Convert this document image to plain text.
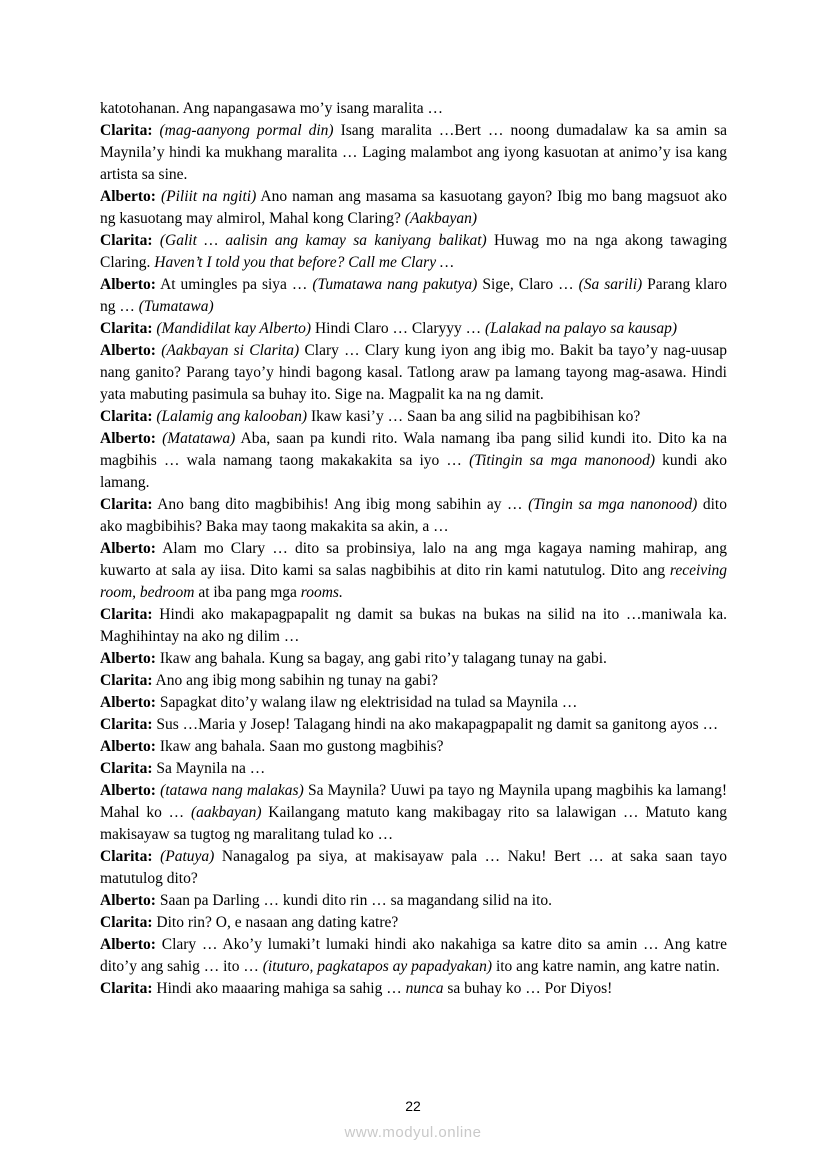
katotohanan. Ang napangasawa mo’y isang maralita …

Clarita: (mag-aanyong pormal din) Isang maralita …Bert … noong dumadalaw ka sa amin sa Maynila’y hindi ka mukhang maralita … Laging malambot ang iyong kasuotan at animo’y isa kang artista sa sine.

Alberto: (Piliit na ngiti) Ano naman ang masama sa kasuotang gayon? Ibig mo bang magsuot ako ng kasuotang may almirol, Mahal kong Claring? (Aakbayan)

Clarita: (Galit … aalisin ang kamay sa kaniyang balikat) Huwag mo na nga akong tawaging Claring. Haven’t I told you that before? Call me Clary …

Alberto: At umingles pa siya … (Tumatawa nang pakutya) Sige, Claro … (Sa sarili) Parang klaro ng … (Tumatawa)

Clarita: (Mandidilat kay Alberto) Hindi Claro … Claryyy … (Lalakad na palayo sa kausap)

Alberto: (Aakbayan si Clarita) Clary … Clary kung iyon ang ibig mo. Bakit ba tayo’y nag-uusap nang ganito? Parang tayo’y hindi bagong kasal. Tatlong araw pa lamang tayong mag-asawa. Hindi yata mabuting pasimula sa buhay ito. Sige na. Magpalit ka na ng damit.

Clarita: (Lalamig ang kalooban) Ikaw kasi’y … Saan ba ang silid na pagbibihisan ko?

Alberto: (Matatawa) Aba, saan pa kundi rito. Wala namang iba pang silid kundi ito. Dito ka na magbihis … wala namang taong makakakita sa iyo … (Titingin sa mga manonood) kundi ako lamang.

Clarita: Ano bang dito magbibihis! Ang ibig mong sabihin ay … (Tingin sa mga nanonood) dito ako magbibihis? Baka may taong makakita sa akin, a …

Alberto: Alam mo Clary … dito sa probinsiya, lalo na ang mga kagaya naming mahirap, ang kuwarto at sala ay iisa. Dito kami sa salas nagbibihis at dito rin kami natutulog. Dito ang receiving room, bedroom at iba pang mga rooms.

Clarita: Hindi ako makapagpapalit ng damit sa bukas na bukas na silid na ito …maniwala ka. Maghihintay na ako ng dilim …

Alberto: Ikaw ang bahala. Kung sa bagay, ang gabi rito’y talagang tunay na gabi.

Clarita: Ano ang ibig mong sabihin ng tunay na gabi?

Alberto: Sapagkat dito’y walang ilaw ng elektrisidad na tulad sa Maynila …

Clarita: Sus …Maria y Josep! Talagang hindi na ako makapagpapalit ng damit sa ganitong ayos …

Alberto: Ikaw ang bahala. Saan mo gustong magbihis?

Clarita: Sa Maynila na …

Alberto: (tatawa nang malakas) Sa Maynila? Uuwi pa tayo ng Maynila upang magbihis ka lamang! Mahal ko … (aakbayan) Kailangang matuto kang makibagay rito sa lalawigan … Matuto kang makisayaw sa tugtog ng maralitang tulad ko …

Clarita: (Patuya) Nanagalog pa siya, at makisayaw pala … Naku! Bert … at saka saan tayo matutulog dito?

Alberto: Saan pa Darling … kundi dito rin … sa magandang silid na ito.

Clarita: Dito rin? O, e nasaan ang dating katre?

Alberto: Clary … Ako’y lumaki’t lumaki hindi ako nakahiga sa katre dito sa amin … Ang katre dito’y ang sahig … ito … (ituturo, pagkatapos ay papadyakan) ito ang katre namin, ang katre natin.

Clarita: Hindi ako maaaring mahiga sa sahig … nunca sa buhay ko … Por Diyos!

22
www.modyul.online
